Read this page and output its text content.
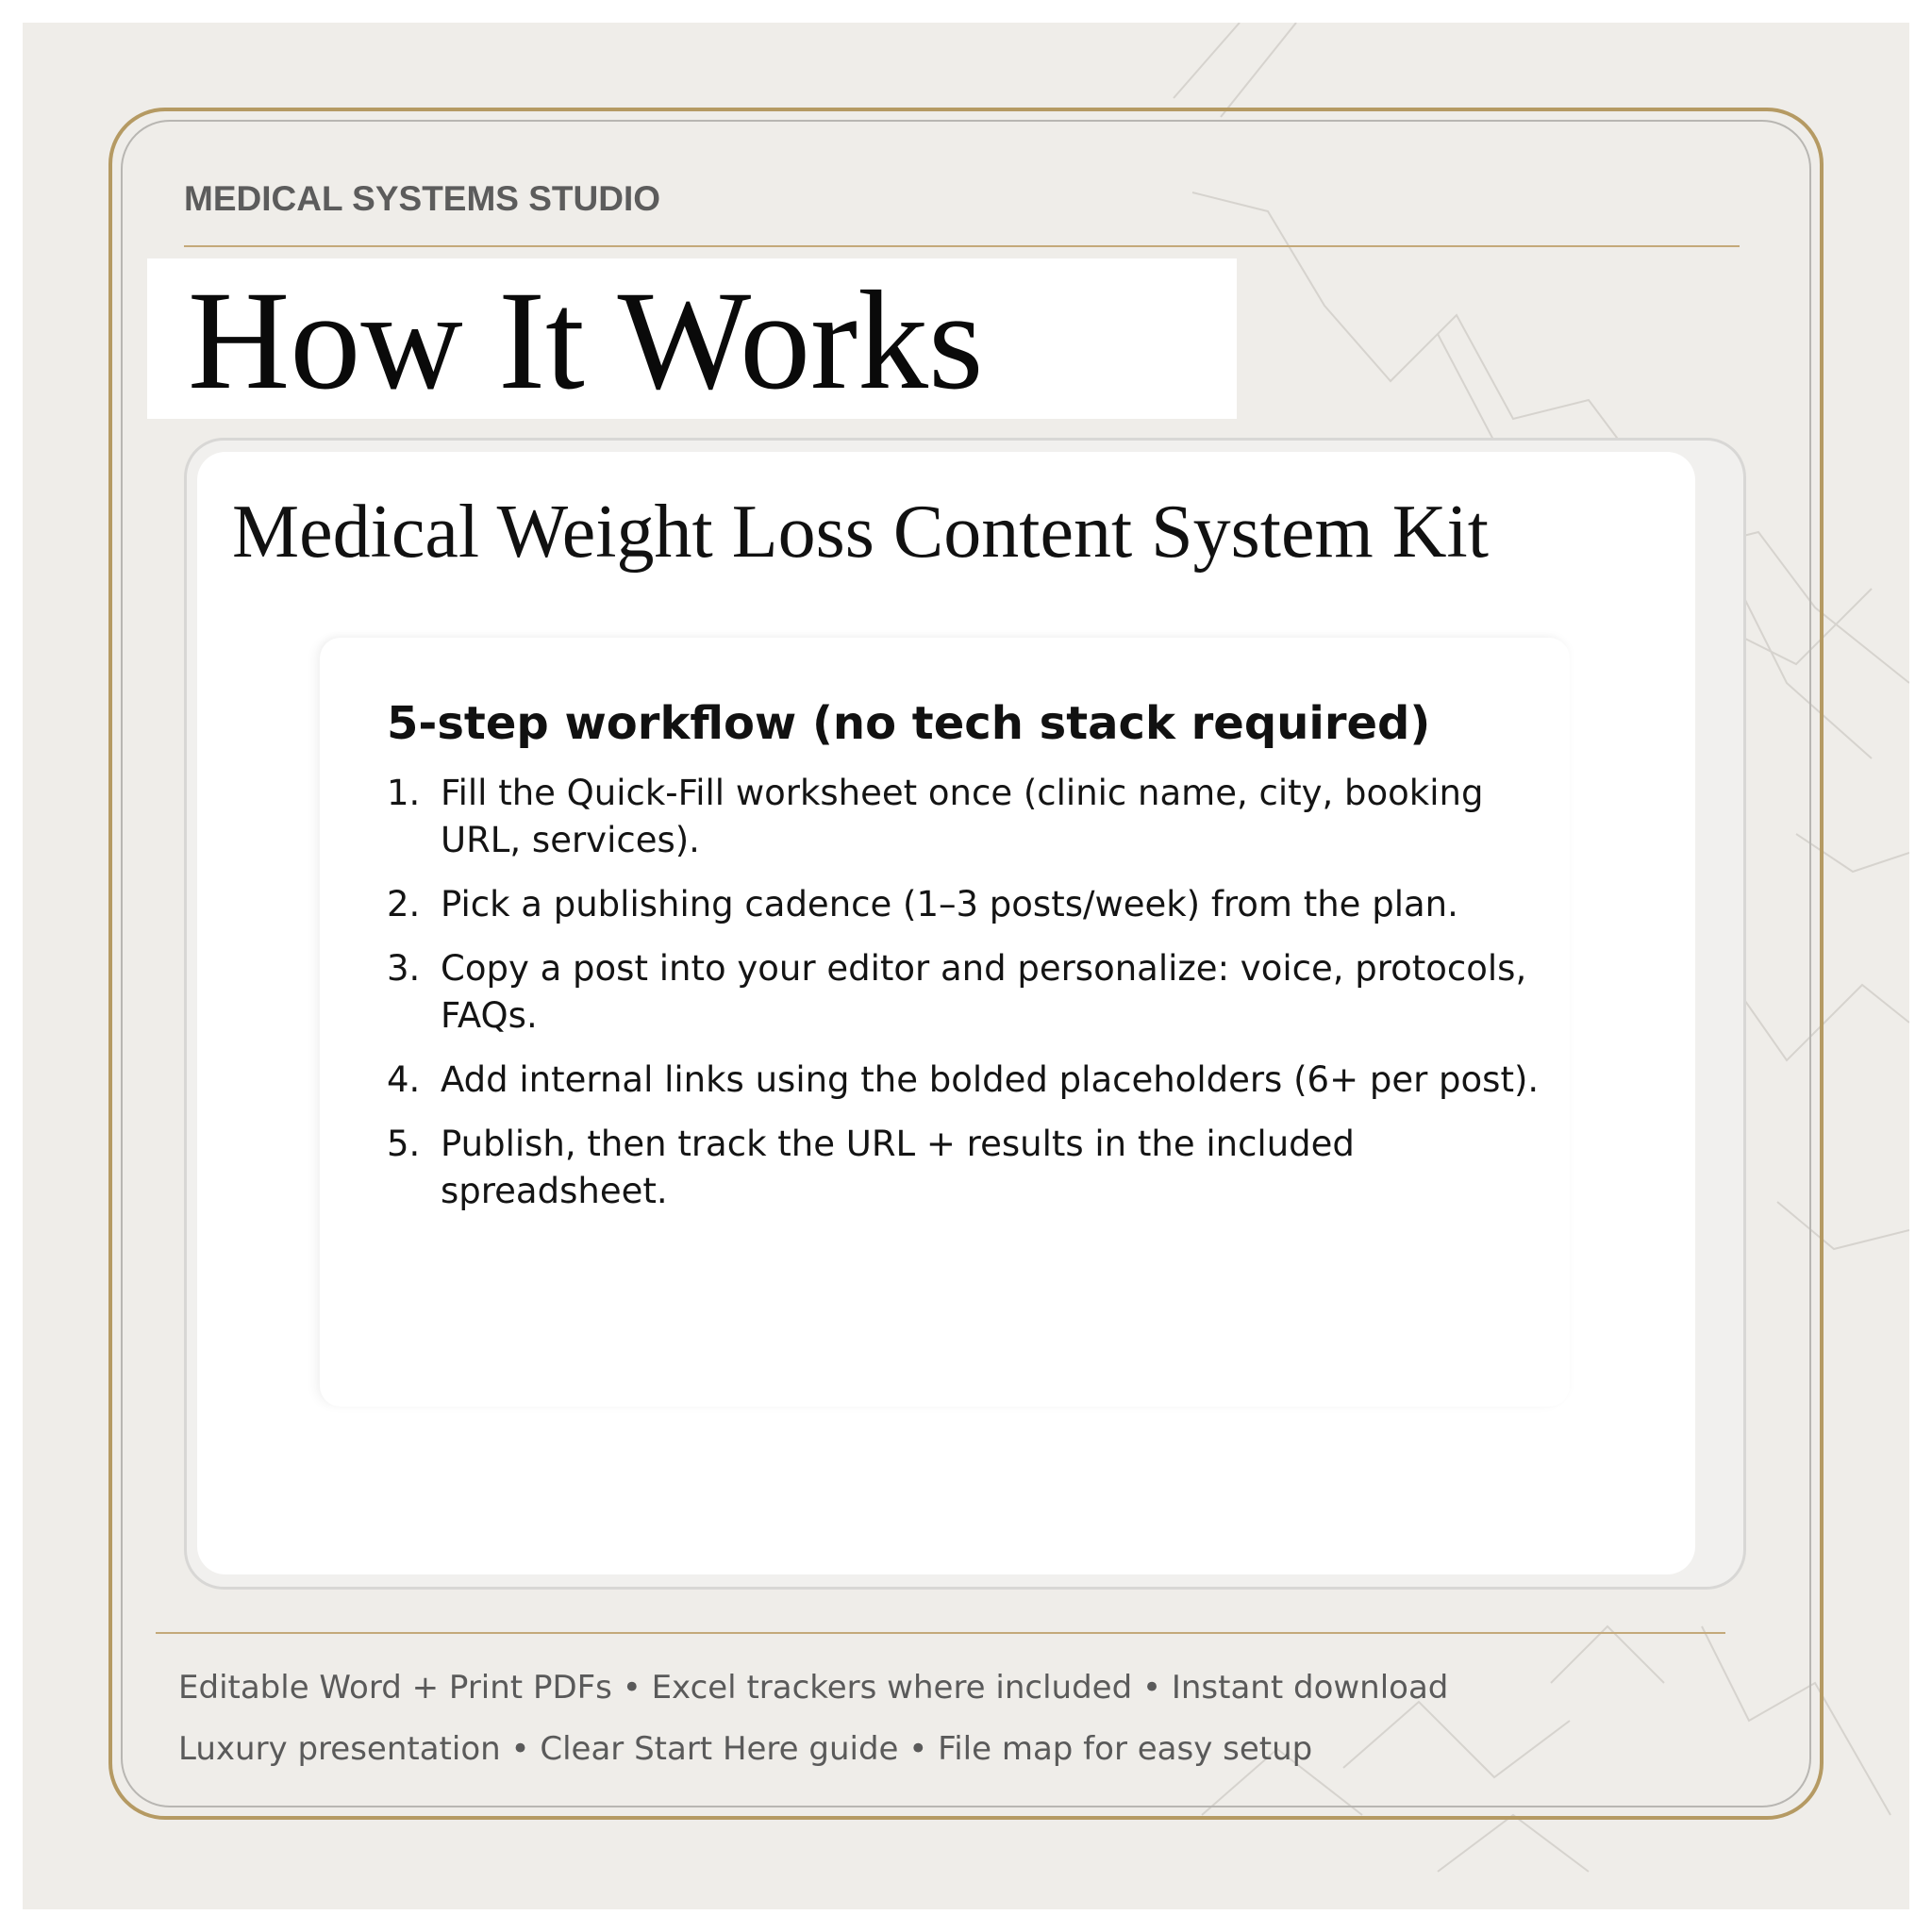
MEDICAL SYSTEMS STUDIO
How It Works
Medical Weight Loss Content System Kit
5-step workflow (no tech stack required)
1. Fill the Quick-Fill worksheet once (clinic name, city, booking URL, services).
2. Pick a publishing cadence (1–3 posts/week) from the plan.
3. Copy a post into your editor and personalize: voice, protocols, FAQs.
4. Add internal links using the bolded placeholders (6+ per post).
5. Publish, then track the URL + results in the included spreadsheet.
Editable Word + Print PDFs • Excel trackers where included • Instant download
Luxury presentation • Clear Start Here guide • File map for easy setup
